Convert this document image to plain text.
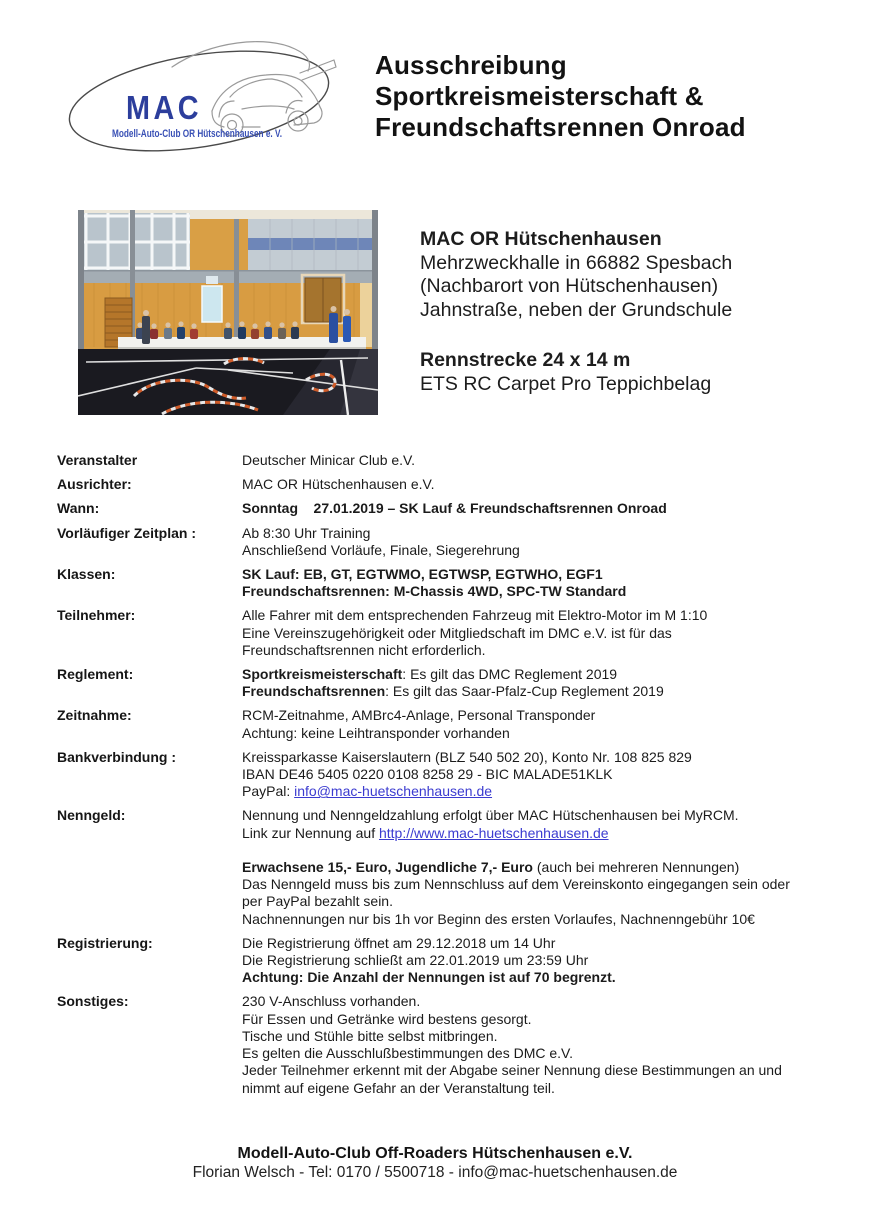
MAC
Modell-Auto-Club OR Hütschenhausen e. V.
Ausschreibung
Sportkreismeisterschaft &
Freundschaftsrennen Onroad
MAC OR Hütschenhausen
Mehrzweckhalle in 66882 Spesbach
(Nachbarort von Hütschenhausen)
Jahnstraße, neben der Grundschule
Rennstrecke 24 x 14 m
ETS RC Carpet Pro Teppichbelag
Veranstalter	Deutscher Minicar Club e.V.
Ausrichter:	MAC OR Hütschenhausen e.V.
Wann:	Sonntag    27.01.2019 – SK Lauf & Freundschaftsrennen Onroad
Vorläufiger Zeitplan :	Ab 8:30 Uhr Training
Anschließend Vorläufe, Finale, Siegerehrung
Klassen:	SK Lauf: EB, GT, EGTWMO, EGTWSP, EGTWHO, EGF1
Freundschaftsrennen: M-Chassis 4WD, SPC-TW Standard
Teilnehmer:	Alle Fahrer mit dem entsprechenden Fahrzeug mit Elektro-Motor im M 1:10
Eine Vereinszugehörigkeit oder Mitgliedschaft im DMC e.V. ist für das
Freundschaftsrennen nicht erforderlich.
Reglement:	Sportkreismeisterschaft: Es gilt das DMC Reglement 2019
Freundschaftsrennen: Es gilt das Saar-Pfalz-Cup Reglement 2019
Zeitnahme:	RCM-Zeitnahme, AMBrc4-Anlage, Personal Transponder
Achtung: keine Leihtransponder vorhanden
Bankverbindung :	Kreissparkasse Kaiserslautern (BLZ 540 502 20), Konto Nr. 108 825 829
IBAN DE46 5405 0220 0108 8258 29 - BIC MALADE51KLK
PayPal: info@mac-huetschenhausen.de
Nenngeld:	Nennung und Nenngeldzahlung erfolgt über MAC Hütschenhausen bei MyRCM.
Link zur Nennung auf http://www.mac-huetschenhausen.de

Erwachsene 15,- Euro, Jugendliche 7,- Euro (auch bei mehreren Nennungen)
Das Nenngeld muss bis zum Nennschluss auf dem Vereinskonto eingegangen sein oder
per PayPal bezahlt sein.
Nachnennungen nur bis 1h vor Beginn des ersten Vorlaufes, Nachnenngebühr 10€
Registrierung:	Die Registrierung öffnet am 29.12.2018 um 14 Uhr
Die Registrierung schließt am 22.01.2019 um 23:59 Uhr
Achtung: Die Anzahl der Nennungen ist auf 70 begrenzt.
Sonstiges:	230 V-Anschluss vorhanden.
Für Essen und Getränke wird bestens gesorgt.
Tische und Stühle bitte selbst mitbringen.
Es gelten die Ausschlußbestimmungen des DMC e.V.
Jeder Teilnehmer erkennt mit der Abgabe seiner Nennung diese Bestimmungen an und
nimmt auf eigene Gefahr an der Veranstaltung teil.
Modell-Auto-Club Off-Roaders Hütschenhausen e.V.
Florian Welsch - Tel: 0170 / 5500718 - info@mac-huetschenhausen.de
